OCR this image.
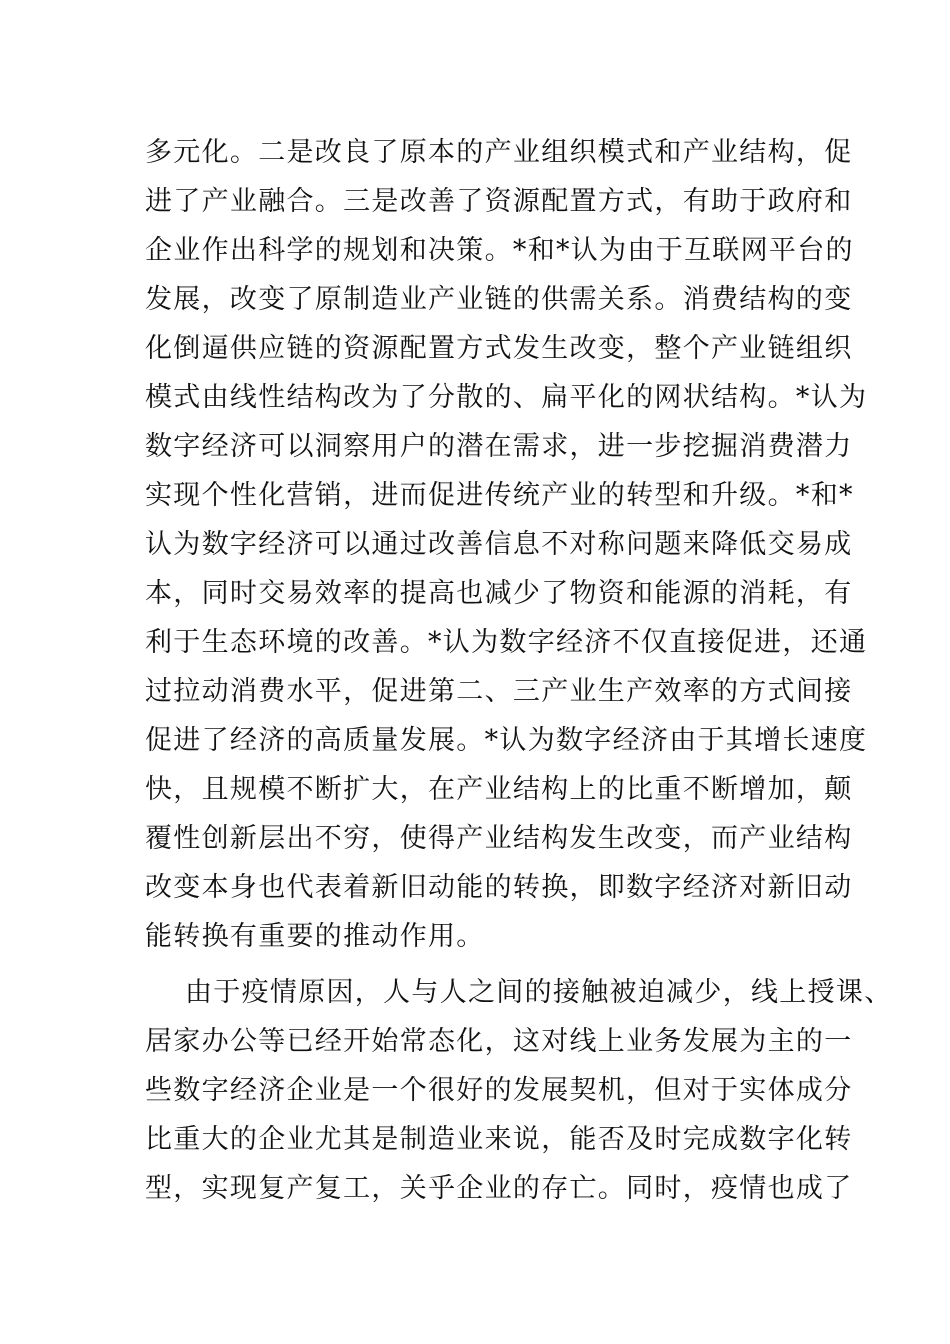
多元化。二是改良了原本的产业组织模式和产业结构，促
进了产业融合。三是改善了资源配置方式，有助于政府和
企业作出科学的规划和决策。*和*认为由于互联网平台的
发展，改变了原制造业产业链的供需关系。消费结构的变
化倒逼供应链的资源配置方式发生改变，整个产业链组织
模式由线性结构改为了分散的、扁平化的网状结构。*认为
数字经济可以洞察用户的潜在需求，进一步挖掘消费潜力
实现个性化营销，进而促进传统产业的转型和升级。*和*
认为数字经济可以通过改善信息不对称问题来降低交易成
本，同时交易效率的提高也减少了物资和能源的消耗，有
利于生态环境的改善。*认为数字经济不仅直接促进，还通
过拉动消费水平，促进第二、三产业生产效率的方式间接
促进了经济的高质量发展。*认为数字经济由于其增长速度
快，且规模不断扩大，在产业结构上的比重不断增加，颠
覆性创新层出不穷，使得产业结构发生改变，而产业结构
改变本身也代表着新旧动能的转换，即数字经济对新旧动
能转换有重要的推动作用。
由于疫情原因，人与人之间的接触被迫减少，线上授课、
居家办公等已经开始常态化，这对线上业务发展为主的一
些数字经济企业是一个很好的发展契机，但对于实体成分
比重大的企业尤其是制造业来说，能否及时完成数字化转
型，实现复产复工，关乎企业的存亡。同时，疫情也成了
